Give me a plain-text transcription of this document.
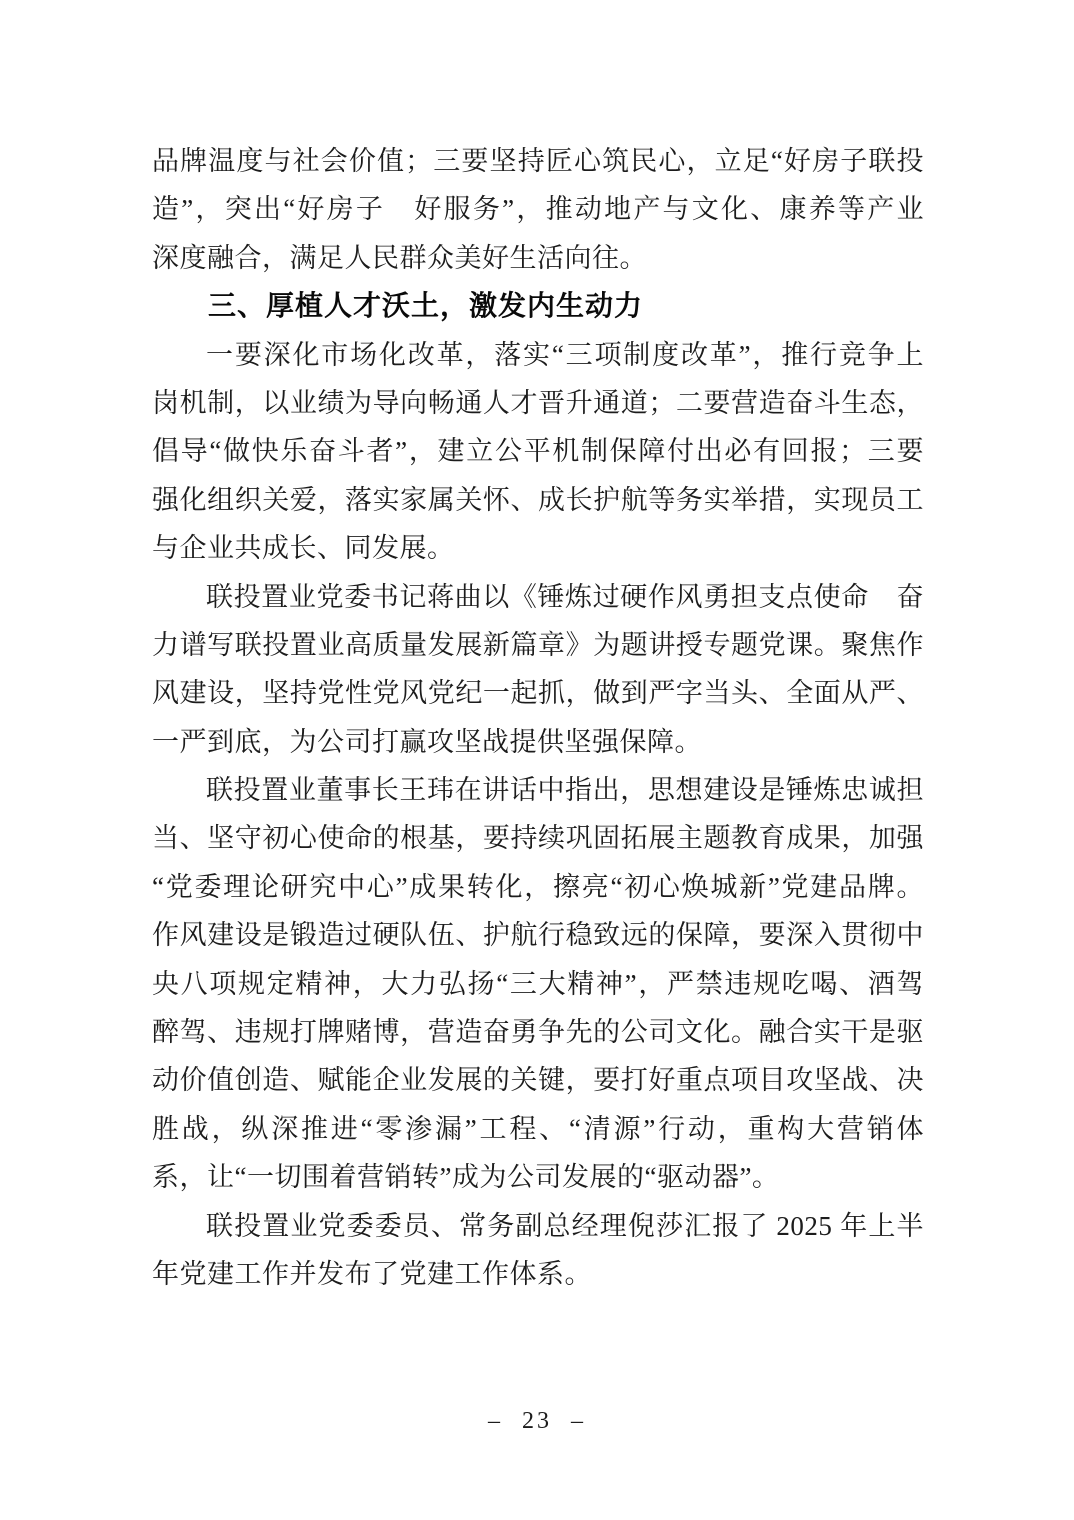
品牌温度与社会价值；三要坚持匠心筑民心，立足“好房子联投
造”，突出“好房子　好服务”，推动地产与文化、康养等产业
深度融合，满足人民群众美好生活向往。
三、厚植人才沃土，激发内生动力
一要深化市场化改革，落实“三项制度改革”，推行竞争上
岗机制，以业绩为导向畅通人才晋升通道；二要营造奋斗生态，
倡导“做快乐奋斗者”，建立公平机制保障付出必有回报；三要
强化组织关爱，落实家属关怀、成长护航等务实举措，实现员工
与企业共成长、同发展。
联投置业党委书记蒋曲以《锤炼过硬作风勇担支点使命　奋
力谱写联投置业高质量发展新篇章》为题讲授专题党课。聚焦作
风建设，坚持党性党风党纪一起抓，做到严字当头、全面从严、
一严到底，为公司打赢攻坚战提供坚强保障。
联投置业董事长王玮在讲话中指出，思想建设是锤炼忠诚担
当、坚守初心使命的根基，要持续巩固拓展主题教育成果，加强
“党委理论研究中心”成果转化，擦亮“初心焕城新”党建品牌。
作风建设是锻造过硬队伍、护航行稳致远的保障，要深入贯彻中
央八项规定精神，大力弘扬“三大精神”，严禁违规吃喝、酒驾
醉驾、违规打牌赌博，营造奋勇争先的公司文化。融合实干是驱
动价值创造、赋能企业发展的关键，要打好重点项目攻坚战、决
胜战，纵深推进“零渗漏”工程、“清源”行动，重构大营销体
系，让“一切围着营销转”成为公司发展的“驱动器”。
联投置业党委委员、常务副总经理倪莎汇报了 2025 年上半
年党建工作并发布了党建工作体系。
– 23 –
